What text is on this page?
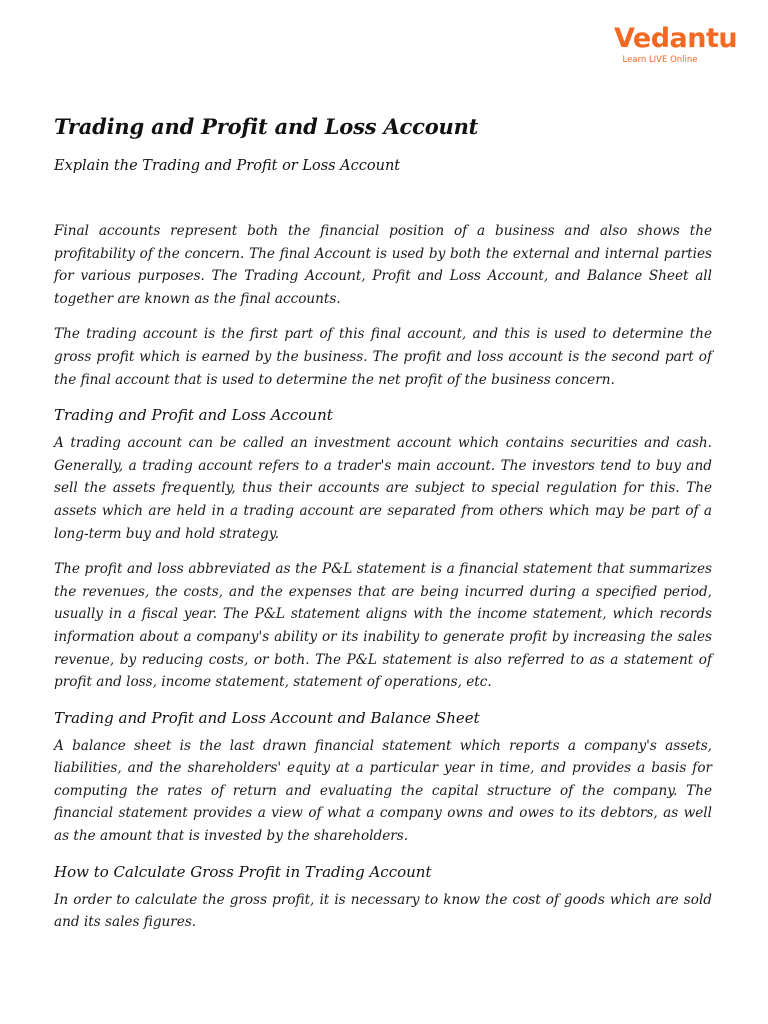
Vedantu
Learn LIVE Online
Trading and Profit and Loss Account
Explain the Trading and Profit or Loss Account

Final accounts represent both the financial position of a business and also shows the profitability of the concern. The final Account is used by both the external and internal parties for various purposes. The Trading Account, Profit and Loss Account, and Balance Sheet all together are known as the final accounts.

The trading account is the first part of this final account, and this is used to determine the gross profit which is earned by the business. The profit and loss account is the second part of the final account that is used to determine the net profit of the business concern.

Trading and Profit and Loss Account

A trading account can be called an investment account which contains securities and cash. Generally, a trading account refers to a trader's main account. The investors tend to buy and sell the assets frequently, thus their accounts are subject to special regulation for this. The assets which are held in a trading account are separated from others which may be part of a long-term buy and hold strategy.

The profit and loss abbreviated as the P&L statement is a financial statement that summarizes the revenues, the costs, and the expenses that are being incurred during a specified period, usually in a fiscal year. The P&L statement aligns with the income statement, which records information about a company's ability or its inability to generate profit by increasing the sales revenue, by reducing costs, or both. The P&L statement is also referred to as a statement of profit and loss, income statement, statement of operations, etc.

Trading and Profit and Loss Account and Balance Sheet

A balance sheet is the last drawn financial statement which reports a company's assets, liabilities, and the shareholders' equity at a particular year in time, and provides a basis for computing the rates of return and evaluating the capital structure of the company. The financial statement provides a view of what a company owns and owes to its debtors, as well as the amount that is invested by the shareholders.

How to Calculate Gross Profit in Trading Account

In order to calculate the gross profit, it is necessary to know the cost of goods which are sold and its sales figures.
